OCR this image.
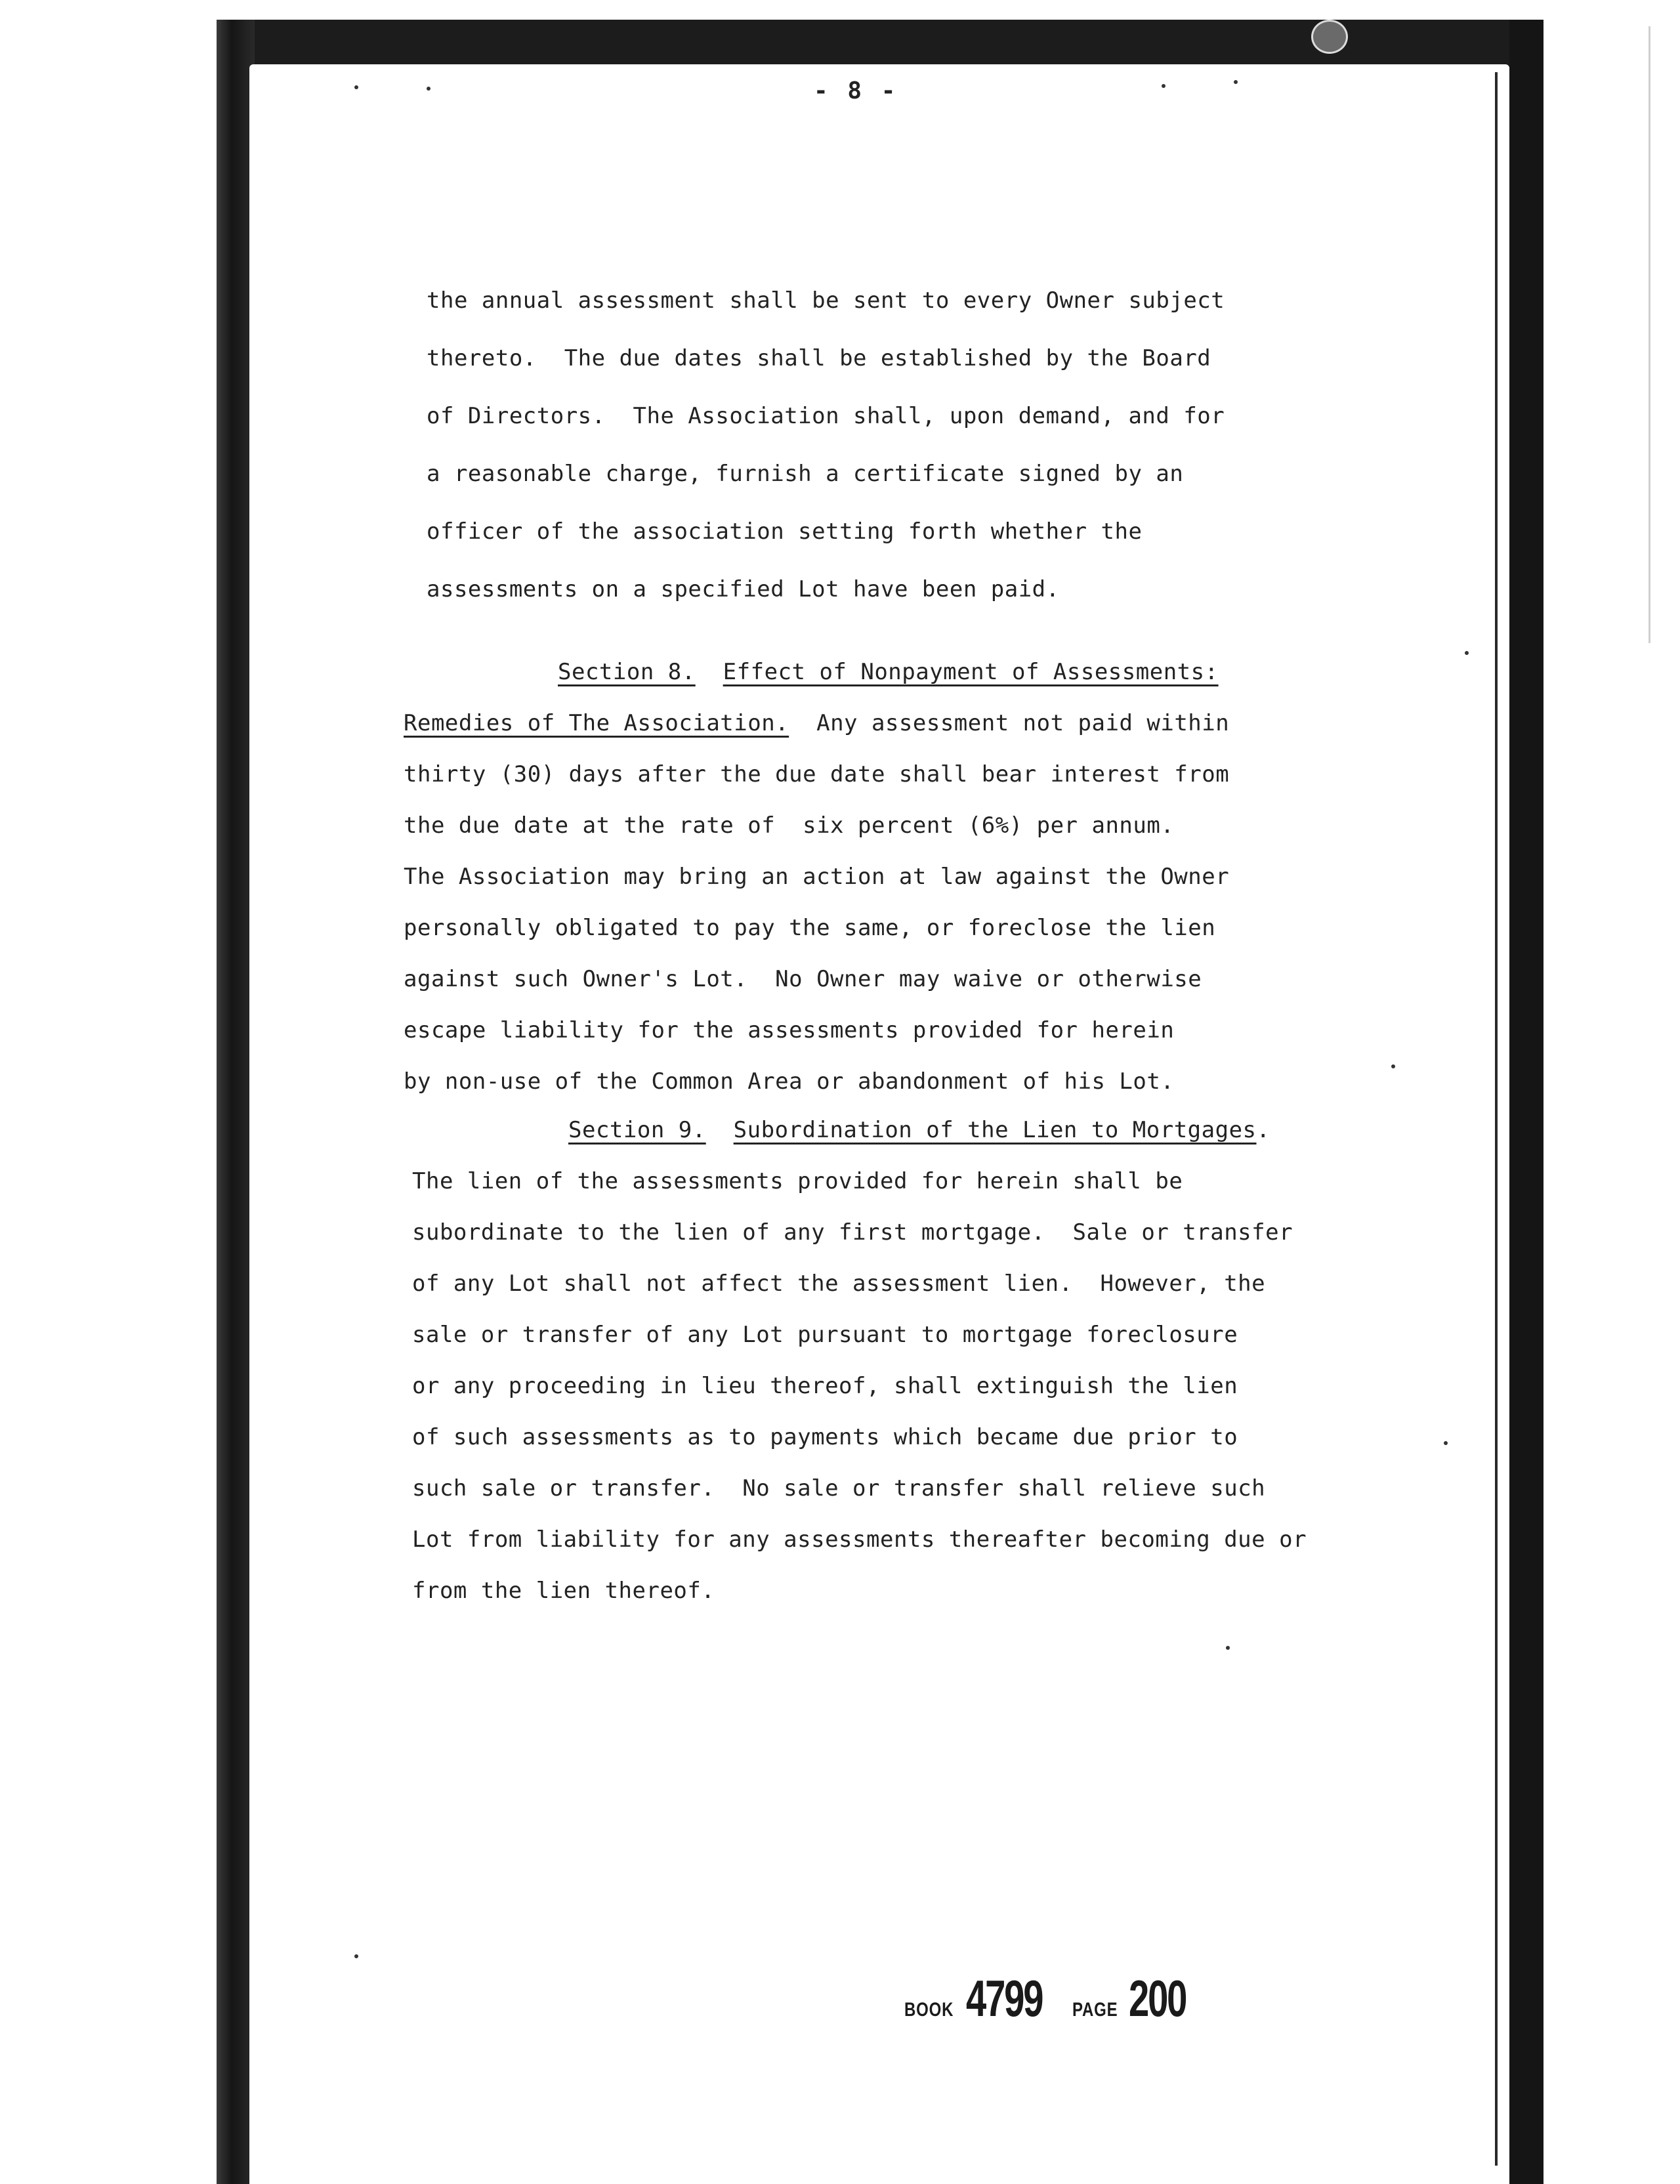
- 8 -
the annual assessment shall be sent to every Owner subject
thereto.  The due dates shall be established by the Board
of Directors.  The Association shall, upon demand, and for
a reasonable charge, furnish a certificate signed by an
officer of the association setting forth whether the
assessments on a specified Lot have been paid.
Section 8. Effect of Nonpayment of Assessments:
Remedies of The Association. Any assessment not paid within
thirty (30) days after the due date shall bear interest from
the due date at the rate of  six percent (6%) per annum.
The Association may bring an action at law against the Owner
personally obligated to pay the same, or foreclose the lien
against such Owner's Lot.  No Owner may waive or otherwise
escape liability for the assessments provided for herein
by non-use of the Common Area or abandonment of his Lot.
Section 9. Subordination of the Lien to Mortgages.
The lien of the assessments provided for herein shall be
subordinate to the lien of any first mortgage.  Sale or transfer
of any Lot shall not affect the assessment lien.  However, the
sale or transfer of any Lot pursuant to mortgage foreclosure
or any proceeding in lieu thereof, shall extinguish the lien
of such assessments as to payments which became due prior to
such sale or transfer.  No sale or transfer shall relieve such
Lot from liability for any assessments thereafter becoming due or
from the lien thereof.
BOOK 4799 PAGE 200
